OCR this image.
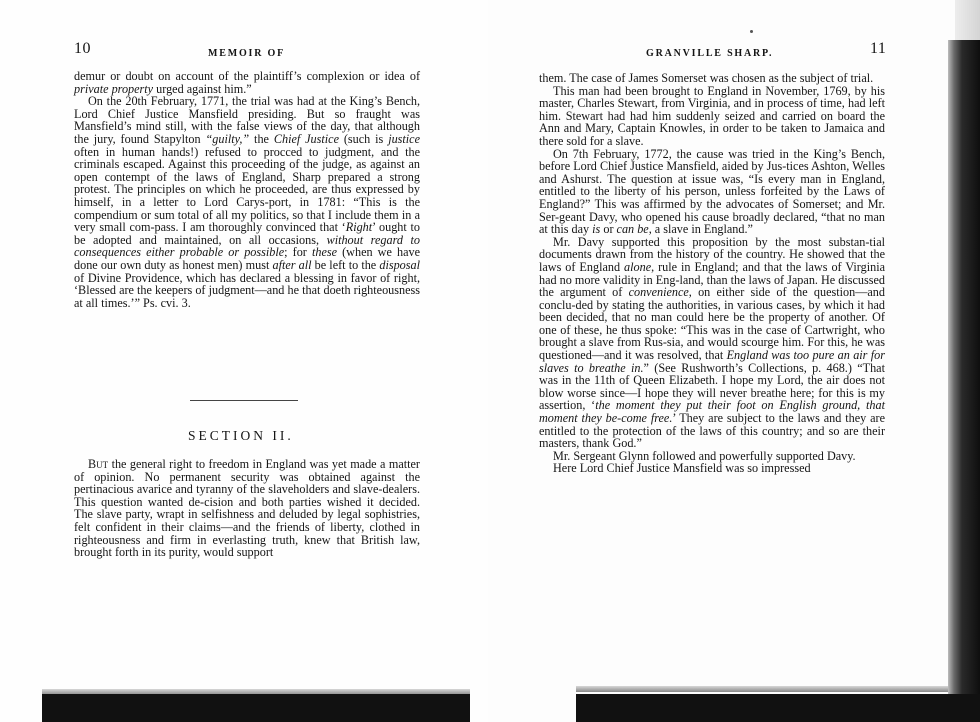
10	MEMOIR OF

demur or doubt on account of the plaintiff’s complexion or idea of private property urged against him.”

On the 20th February, 1771, the trial was had at the King’s Bench, Lord Chief Justice Mansfield presiding. But so fraught was Mansfield’s mind still, with the false views of the day, that although the jury, found Stapylton “guilty,” the Chief Justice (such is justice often in human hands!) refused to procced to judgment, and the criminals escaped. Against this proceeding of the judge, as against an open contempt of the laws of England, Sharp prepared a strong protest. The principles on which he proceeded, are thus expressed by himself, in a letter to Lord Carys-port, in 1781: “This is the compendium or sum total of all my politics, so that I include them in a very small com-pass. I am thoroughly convinced that ‘Right’ ought to be adopted and maintained, on all occasions, without regard to consequences either probable or possible; for these (when we have done our own duty as honest men) must after all be left to the disposal of Divine Providence, which has declared a blessing in favor of right, ‘Blessed are the keepers of judgment—and he that doeth righteousness at all times.’” Ps. cvi. 3.

SECTION II.

But the general right to freedom in England was yet made a matter of opinion. No permanent security was obtained against the pertinacious avarice and tyranny of the slaveholders and slave-dealers. This question wanted de-cision and both parties wished it decided. The slave party, wrapt in selfishness and deluded by legal sophistries, felt confident in their claims—and the friends of liberty, clothed in righteousness and firm in everlasting truth, knew that British law, brought forth in its purity, would support

GRANVILLE SHARP.	11

them. The case of James Somerset was chosen as the subject of trial.

This man had been brought to England in November, 1769, by his master, Charles Stewart, from Virginia, and in process of time, had left him. Stewart had had him suddenly seized and carried on board the Ann and Mary, Captain Knowles, in order to be taken to Jamaica and there sold for a slave.

On 7th February, 1772, the cause was tried in the King’s Bench, before Lord Chief Justice Mansfield, aided by Jus-tices Ashton, Welles and Ashurst. The question at issue was, “Is every man in England, entitled to the liberty of his person, unless forfeited by the Laws of England?” This was affirmed by the advocates of Somerset; and Mr. Ser-geant Davy, who opened his cause broadly declared, “that no man at this day is or can be, a slave in England.”

Mr. Davy supported this proposition by the most substan-tial documents drawn from the history of the country. He showed that the laws of England alone, rule in England; and that the laws of Virginia had no more validity in Eng-land, than the laws of Japan. He discussed the argument of convenience, on either side of the question—and conclu-ded by stating the authorities, in various cases, by which it had been decided, that no man could here be the property of another. Of one of these, he thus spoke: “This was in the case of Cartwright, who brought a slave from Rus-sia, and would scourge him. For this, he was questioned—and it was resolved, that England was too pure an air for slaves to breathe in.” (See Rushworth’s Collections, p. 468.) “That was in the 11th of Queen Elizabeth. I hope my Lord, the air does not blow worse since—I hope they will never breathe here; for this is my assertion, ‘the moment they put their foot on English ground, that moment they be-come free.’ They are subject to the laws and they are entitled to the protection of the laws of this country; and so are their masters, thank God.”

Mr. Sergeant Glynn followed and powerfully supported Davy.

Here Lord Chief Justice Mansfield was so impressed
